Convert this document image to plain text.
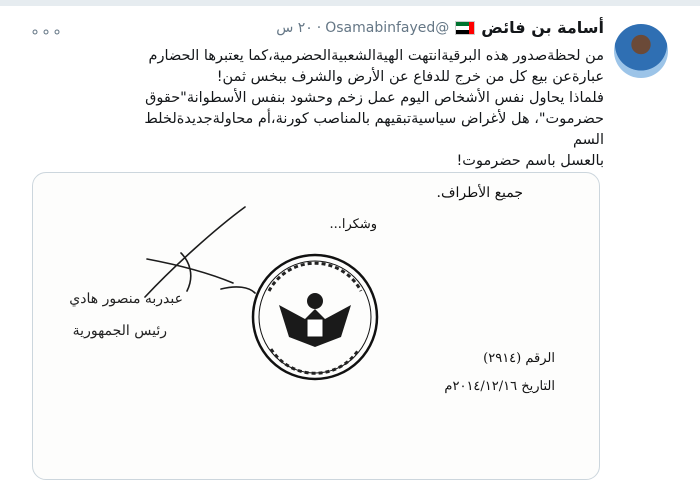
أسامة بن فائض
@Osamabinfayed
·
٢٠ س
∘∘∘

من لحظةصدور هذه البرقيةانتهت الهيةالشعبيةالحضرمية،كما يعتبرها الحضارم

عبارةعن بيع كل من خرج للدفاع عن الأرض والشرف ببخس ثمن!

فلماذا يحاول نفس الأشخاص اليوم عمل زخم وحشود بنفس الأسطوانة"حقوق

حضرموت"، هل لأغراض سياسيةتبقيهم بالمناصب كورنة،أم محاولةجديدةلخلط السم

بالعسل باسم حضرموت!

جميع الأطراف.
وشكرا...
عبدربه منصور هادي
رئيس الجمهورية
الرقم (٢٩١٤)
التاريخ ٢٠١٤/١٢/١٦م
